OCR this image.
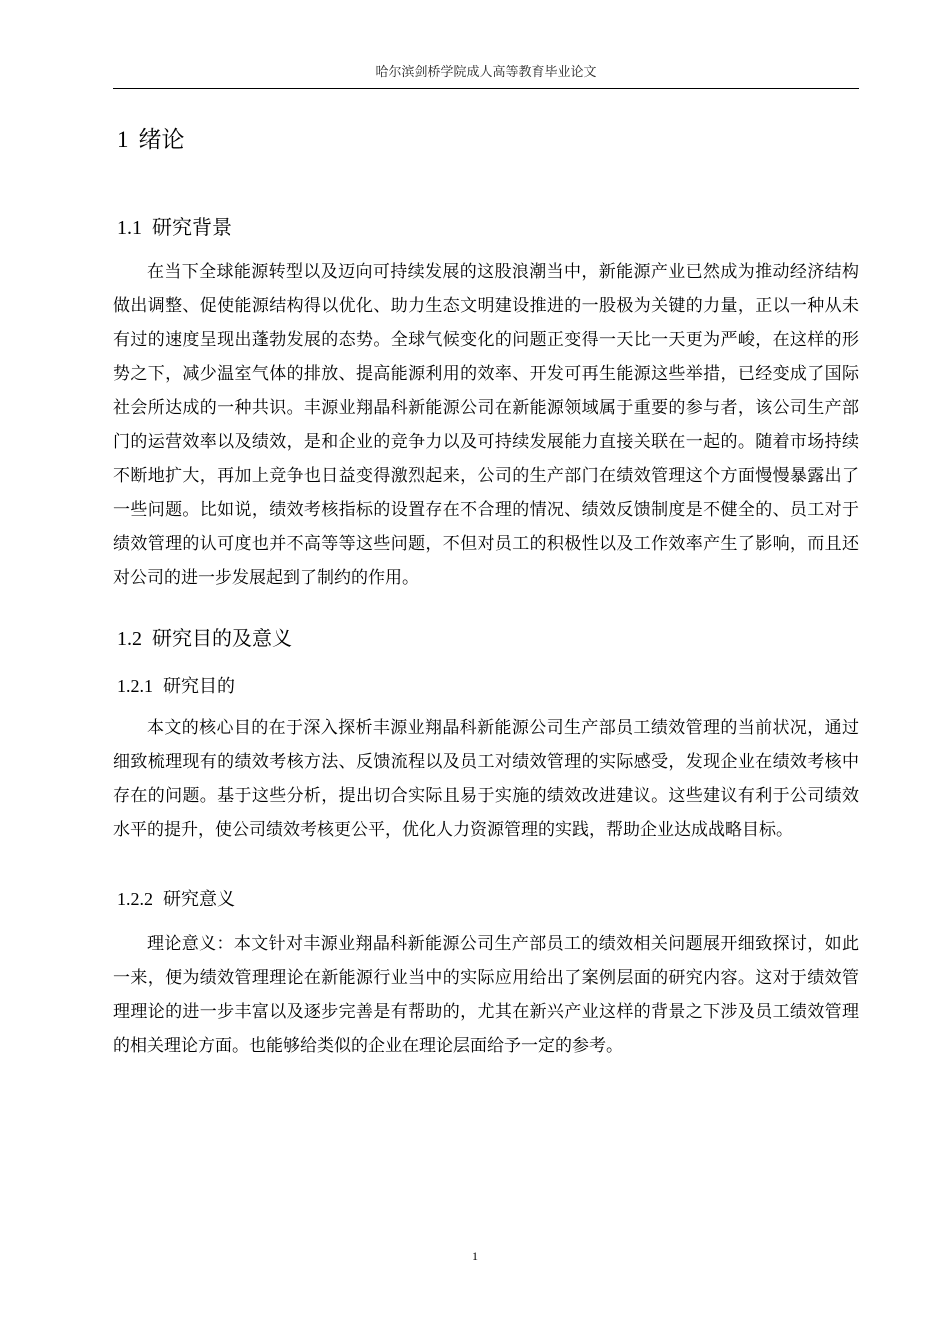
哈尔滨剑桥学院成人高等教育毕业论文
1 绪论
1.1 研究背景

在当下全球能源转型以及迈向可持续发展的这股浪潮当中，新能源产业已然成为推动经济结构做出调整、促使能源结构得以优化、助力生态文明建设推进的一股极为关键的力量，正以一种从未有过的速度呈现出蓬勃发展的态势。全球气候变化的问题正变得一天比一天更为严峻，在这样的形势之下，减少温室气体的排放、提高能源利用的效率、开发可再生能源这些举措，已经变成了国际社会所达成的一种共识。丰源业翔晶科新能源公司在新能源领域属于重要的参与者，该公司生产部门的运营效率以及绩效，是和企业的竞争力以及可持续发展能力直接关联在一起的。随着市场持续不断地扩大，再加上竞争也日益变得激烈起来，公司的生产部门在绩效管理这个方面慢慢暴露出了一些问题。比如说，绩效考核指标的设置存在不合理的情况、绩效反馈制度是不健全的、员工对于绩效管理的认可度也并不高等等这些问题，不但对员工的积极性以及工作效率产生了影响，而且还对公司的进一步发展起到了制约的作用。

1.2 研究目的及意义
1.2.1 研究目的

本文的核心目的在于深入探析丰源业翔晶科新能源公司生产部员工绩效管理的当前状况，通过细致梳理现有的绩效考核方法、反馈流程以及员工对绩效管理的实际感受，发现企业在绩效考核中存在的问题。基于这些分析，提出切合实际且易于实施的绩效改进建议。这些建议有利于公司绩效水平的提升，使公司绩效考核更公平，优化人力资源管理的实践，帮助企业达成战略目标。

1.2.2 研究意义

理论意义：本文针对丰源业翔晶科新能源公司生产部员工的绩效相关问题展开细致探讨，如此一来，便为绩效管理理论在新能源行业当中的实际应用给出了案例层面的研究内容。这对于绩效管理理论的进一步丰富以及逐步完善是有帮助的，尤其在新兴产业这样的背景之下涉及员工绩效管理的相关理论方面。也能够给类似的企业在理论层面给予一定的参考。

1
